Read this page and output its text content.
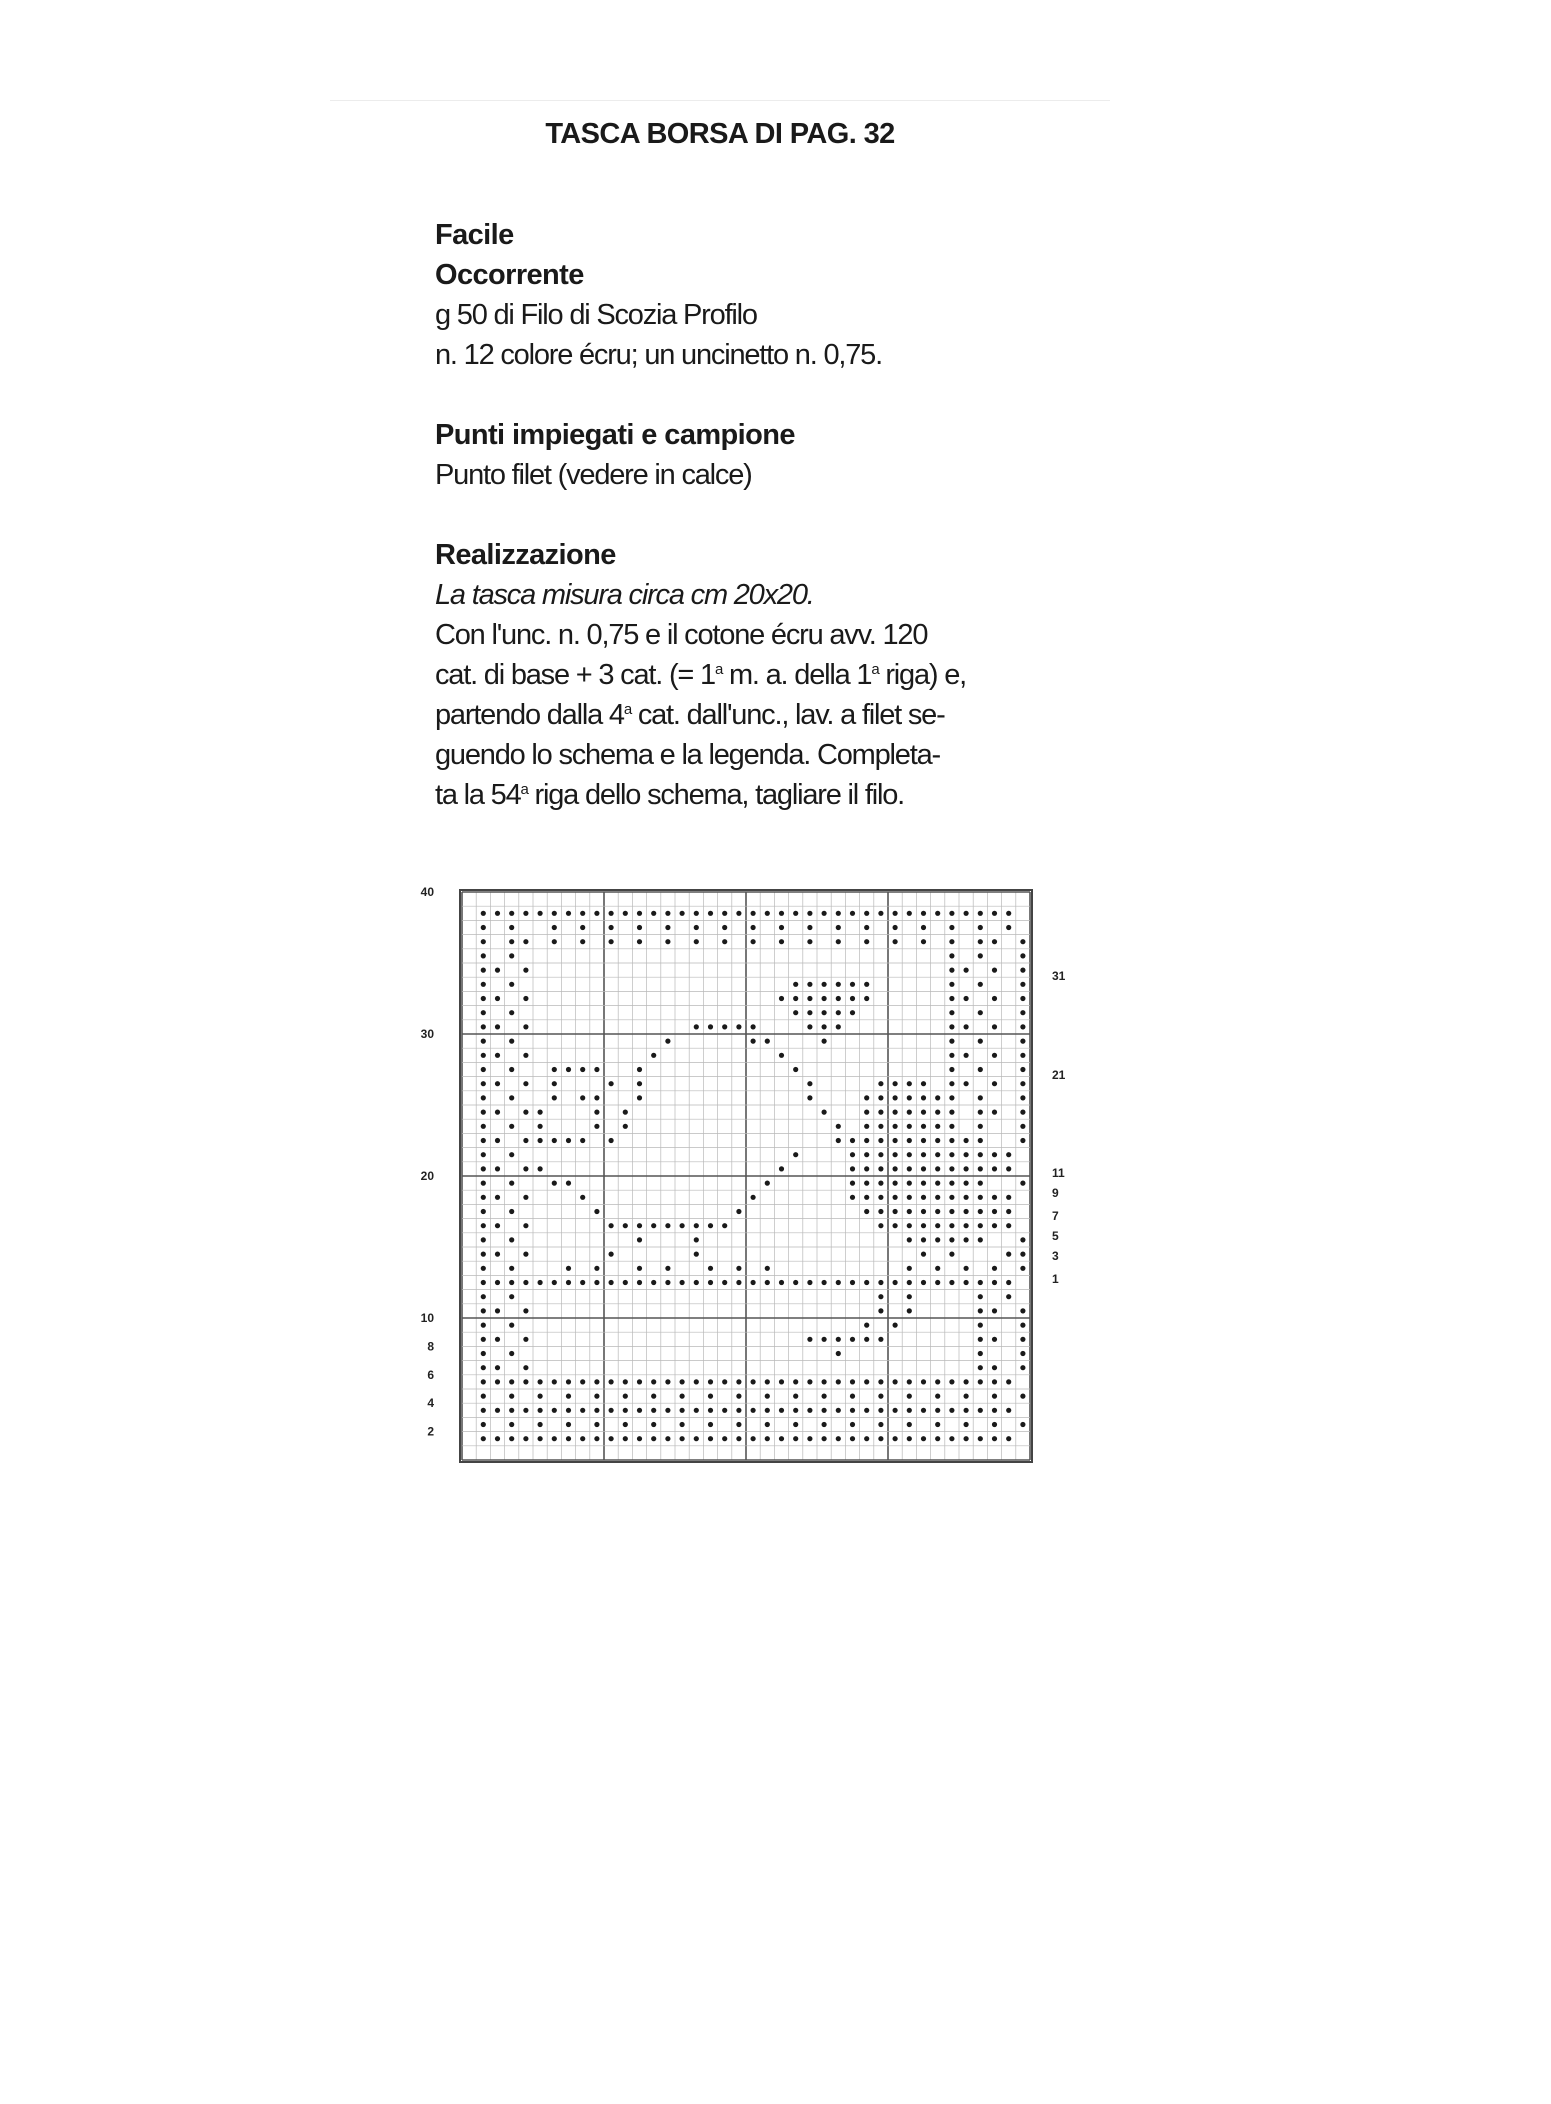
TASCA BORSA DI PAG. 32
Facile
Occorrente
g 50 di Filo di Scozia Profilo
n. 12 colore écru; un uncinetto n. 0,75.
Punti impiegati e campione
Punto filet (vedere in calce)
Realizzazione
La tasca misura circa cm 20x20.
Con l'unc. n. 0,75 e il cotone écru avv. 120
cat. di base + 3 cat. (= $1^a$ m. a. della 1$^a$ riga) e,
partendo dalla 4$^a$ cat. dall'unc., lav. a filet se-
guendo lo schema e la legenda. Completa-
ta la 54$^a$ riga dello schema, tagliare il filo.
40
30
20
10
8
6
4
2
31
21
11
9
7
5
3
1
